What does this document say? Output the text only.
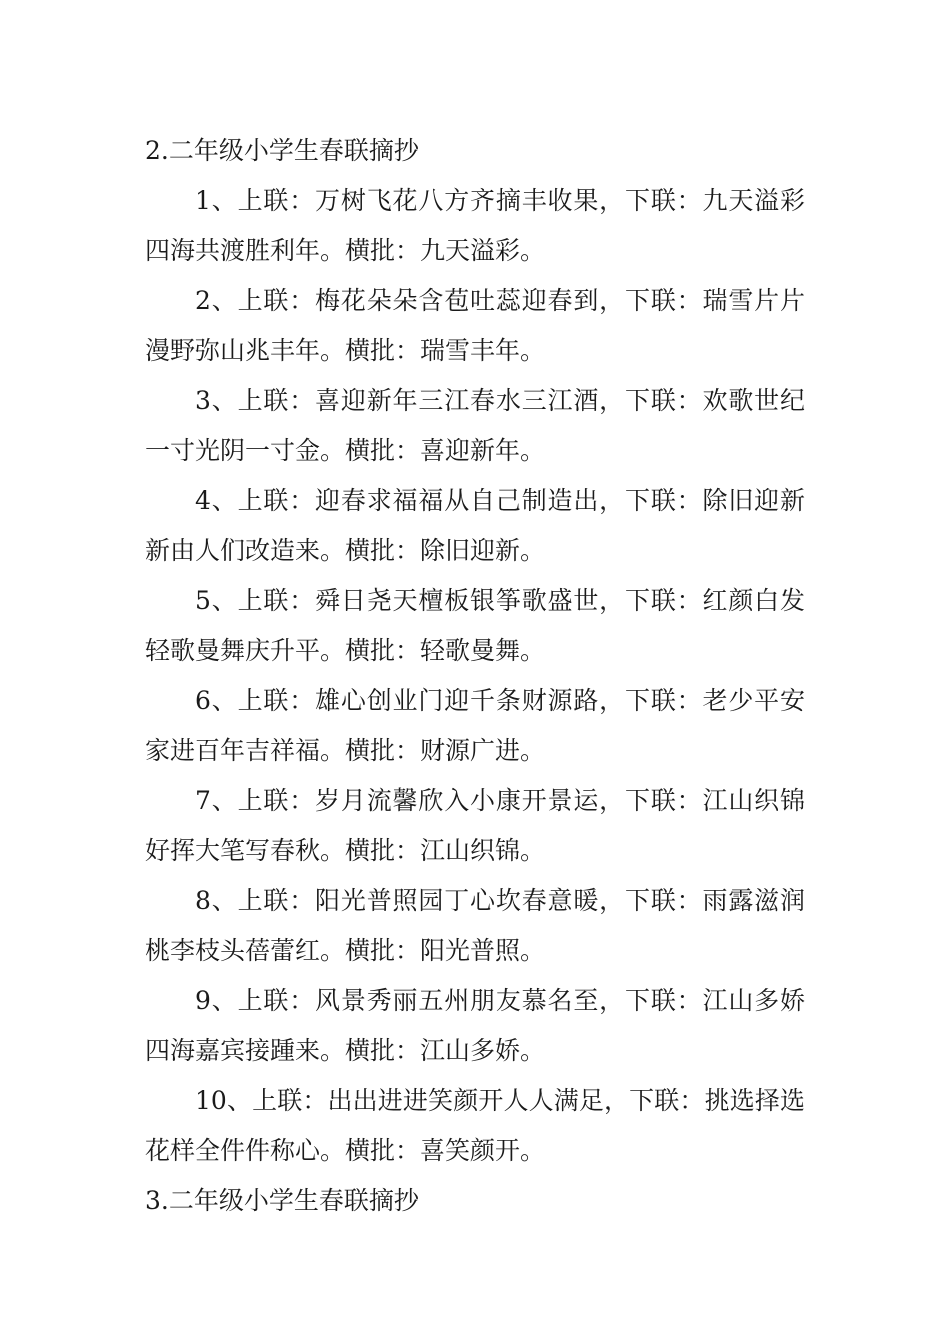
2.二年级小学生春联摘抄

1、上联：万树飞花八方齐摘丰收果，下联：九天溢彩四海共渡胜利年。横批：九天溢彩。

2、上联：梅花朵朵含苞吐蕊迎春到，下联：瑞雪片片漫野弥山兆丰年。横批：瑞雪丰年。

3、上联：喜迎新年三江春水三江酒，下联：欢歌世纪一寸光阴一寸金。横批：喜迎新年。

4、上联：迎春求福福从自己制造出，下联：除旧迎新新由人们改造来。横批：除旧迎新。

5、上联：舜日尧天檀板银筝歌盛世，下联：红颜白发轻歌曼舞庆升平。横批：轻歌曼舞。

6、上联：雄心创业门迎千条财源路，下联：老少平安家进百年吉祥福。横批：财源广进。

7、上联：岁月流馨欣入小康开景运，下联：江山织锦好挥大笔写春秋。横批：江山织锦。

8、上联：阳光普照园丁心坎春意暖，下联：雨露滋润桃李枝头蓓蕾红。横批：阳光普照。

9、上联：风景秀丽五州朋友慕名至，下联：江山多娇四海嘉宾接踵来。横批：江山多娇。

10、上联：出出进进笑颜开人人满足，下联：挑选择选花样全件件称心。横批：喜笑颜开。

3.二年级小学生春联摘抄
